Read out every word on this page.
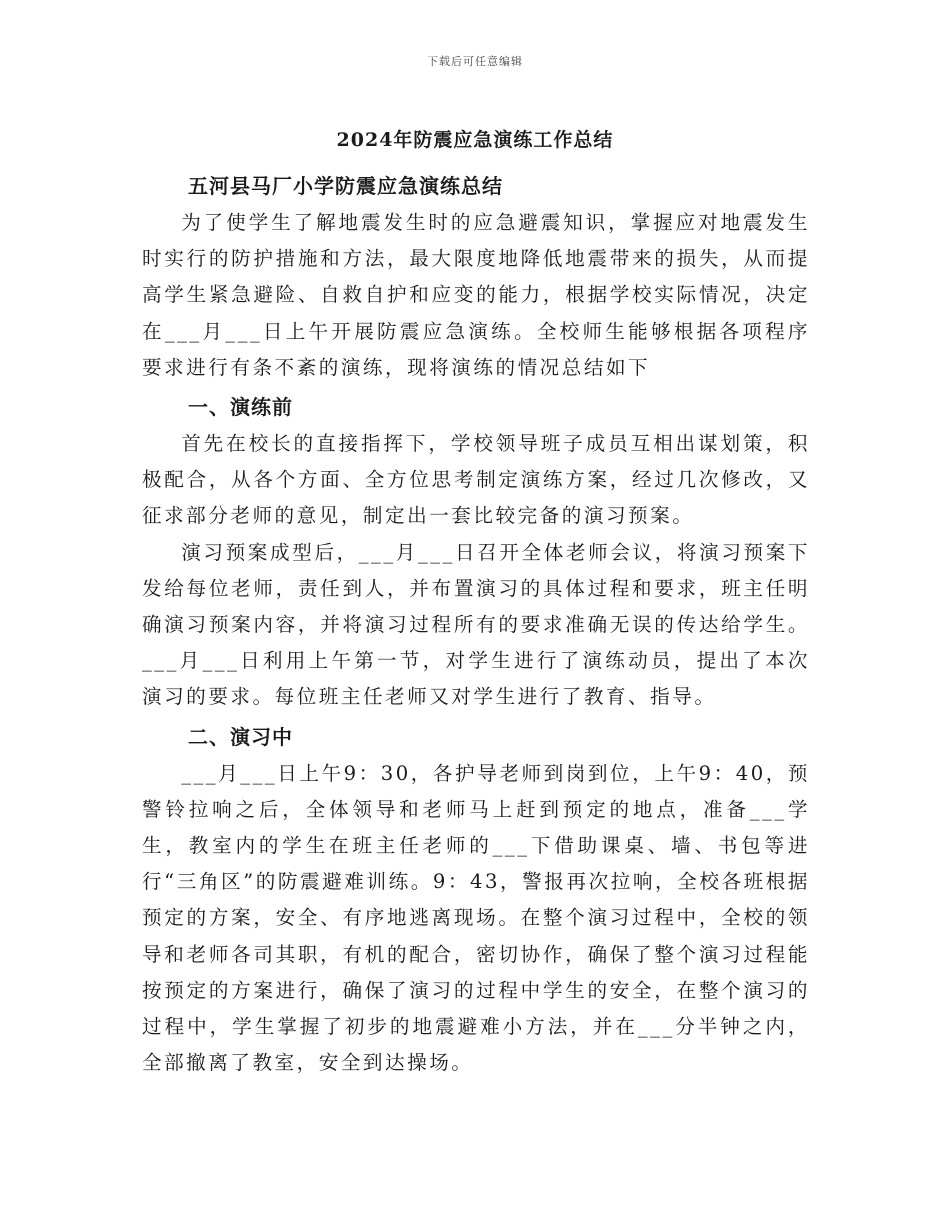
下载后可任意编辑
2024年防震应急演练工作总结

五河县马厂小学防震应急演练总结

为了使学生了解地震发生时的应急避震知识，掌握应对地震发生时实行的防护措施和方法，最大限度地降低地震带来的损失，从而提高学生紧急避险、自救自护和应变的能力，根据学校实际情况，决定在___月___日上午开展防震应急演练。全校师生能够根据各项程序要求进行有条不紊的演练，现将演练的情况总结如下

一、演练前

首先在校长的直接指挥下，学校领导班子成员互相出谋划策，积极配合，从各个方面、全方位思考制定演练方案，经过几次修改，又征求部分老师的意见，制定出一套比较完备的演习预案。

演习预案成型后，___月___日召开全体老师会议，将演习预案下发给每位老师，责任到人，并布置演习的具体过程和要求，班主任明确演习预案内容，并将演习过程所有的要求准确无误的传达给学生。___月___日利用上午第一节，对学生进行了演练动员，提出了本次演习的要求。每位班主任老师又对学生进行了教育、指导。

二、演习中

___月___日上午9：30，各护导老师到岗到位，上午9：40，预警铃拉响之后，全体领导和老师马上赶到预定的地点，准备___学生，教室内的学生在班主任老师的___下借助课桌、墙、书包等进行“三角区”的防震避难训练。9：43，警报再次拉响，全校各班根据预定的方案，安全、有序地逃离现场。在整个演习过程中，全校的领导和老师各司其职，有机的配合，密切协作，确保了整个演习过程能按预定的方案进行，确保了演习的过程中学生的安全，在整个演习的过程中，学生掌握了初步的地震避难小方法，并在___分半钟之内，全部撤离了教室，安全到达操场。
